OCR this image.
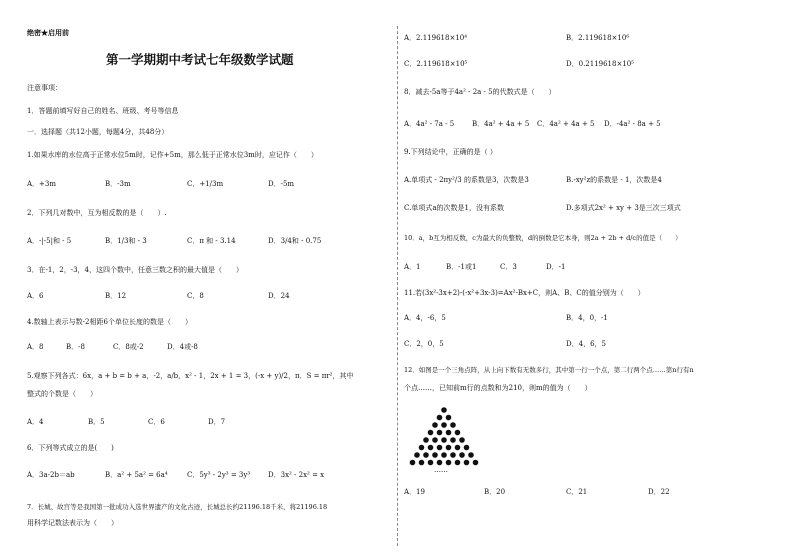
绝密★启用前
第一学期期中考试七年级数学试题
注意事项：
1．答题前填写好自己的姓名、班级、考号等信息
一．选择题（共12小题，每题4分，共48分）
1.如果水库的水位高于正常水位5m时，记作+5m，那么低于正常水位3m时，应记作（　　）
A．+3m	B．-3m	C．+1/3m	D．-5m
2．下列几对数中，互为相反数的是（　　）.
A．-|-5|和 - 5	B．1/3和 - 3	C．π 和 - 3.14	D．3/4和 - 0.75
3．在-1，2，-3，4，这四个数中，任意三数之积的最大值是（　　）
A．6	B．12	C．8	D．24
4.数轴上表示与数-2相距6个单位长度的数是（　　）
A．8	B．-8	C．8或-2	D．4或-8
5.观察下列各式：6x，a + b = b + a，-2，a/b，x² - 1，2x + 1 = 3，(-x + y)/2，π．S = πr²，其中
整式的个数是（　　）
A．4	B．5	C．6	D．7
6．下列等式成立的是(　　)
A．3a-2b＝ab	B．a² + 5a² = 6a⁴	C．5y³ - 2y³ = 3y³	D．3x² - 2x² = x
7．长城、故宫等是我国第一批成功入选世界遗产的文化古迹，长城总长约21196.18千米，将21196.18
用科学记数法表示为（　　）
A．2.119618×10⁴	B．2.119618×10⁶
C．2.119618×10⁵	D．0.2119618×10⁵
8．减去-5a等于4a² - 2a - 5的代数式是（　　）
A．4a² - 7a - 5	B．4a² + 4a + 5 C．4a² + 4a + 5 D．-4a² - 8a + 5
9.下列结论中，正确的是（ ）
A.单项式 - 2πy²/3 的系数是3，次数是3	B.-xy²z的系数是 - 1，次数是4
C.单项式a的次数是1，没有系数	D.多项式2x² + xy + 3是三次三项式
10．a，b互为相反数，c为最大的负整数，d的倒数是它本身，则2a + 2b + d/c的值是（　　）
A．1	B．-1或1	C．3	D．-1
11.若(3x²-3x+2)-(-x²+3x-3)=Ax²-Bx+C，则A、B、C的值分别为（　　）
A．4，-6，5	B．4，0，-1
C．2，0，5	D．4，6，5
12．如图是一个三角点阵，从上向下数有无数多行，其中第一行一个点，第二行两个点……第n行有n
个点……，已知前m行的点数和为210，则m的值为（　　）
……
A．19	B．20	C．21	D．22
